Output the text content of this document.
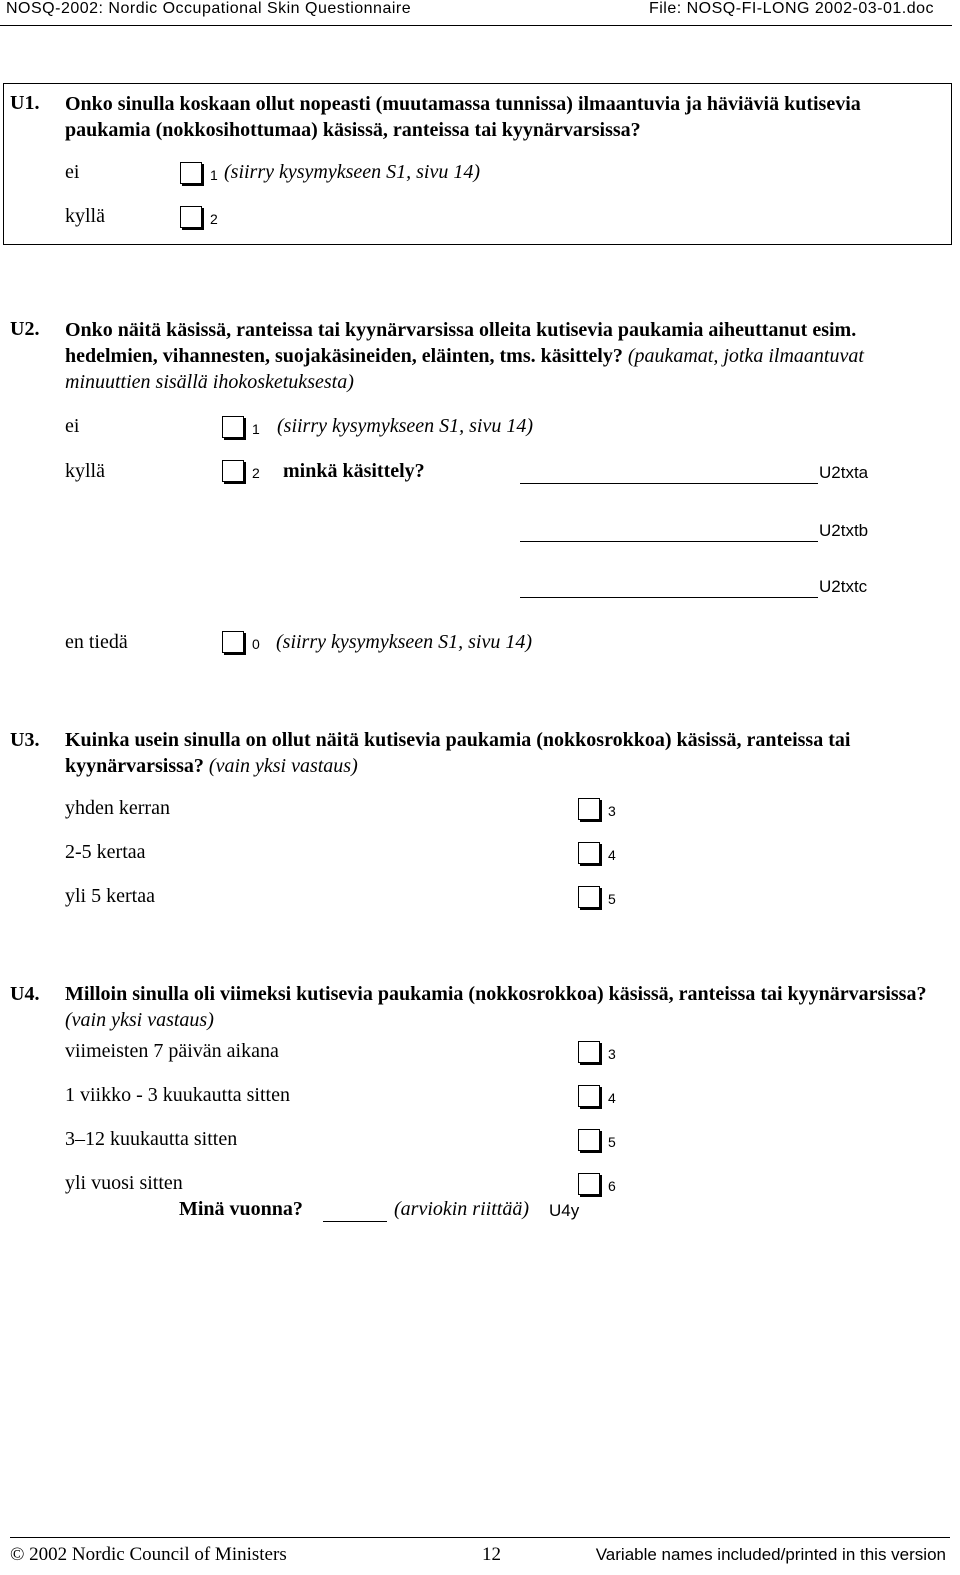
NOSQ-2002: Nordic Occupational Skin Questionnaire	File: NOSQ-FI-LONG 2002-03-01.doc
U1. Onko sinulla koskaan ollut nopeasti (muutamassa tunnissa) ilmaantuvia ja häviäviä kutisevia paukamia (nokkosihottumaa) käsissä, ranteissa tai kyynärvarsissa?
ei	1 (siirry kysymykseen S1, sivu 14)
kyllä	2
U2. Onko näitä käsissä, ranteissa tai kyynärvarsissa olleita kutisevia paukamia aiheuttanut esim. hedelmien, vihannesten, suojakäsineiden, eläinten, tms. käsittely? (paukamat, jotka ilmaantuvat minuuttien sisällä ihokosketuksesta)
ei	1 (siirry kysymykseen S1, sivu 14)
kyllä	2 minkä käsittely?	U2txta
U2txtb
U2txtc
en tiedä	0 (siirry kysymykseen S1, sivu 14)
U3. Kuinka usein sinulla on ollut näitä kutisevia paukamia (nokkosrokkoa) käsissä, ranteissa tai kyynärvarsissa? (vain yksi vastaus)
yhden kerran	3
2-5 kertaa	4
yli 5 kertaa	5
U4. Milloin sinulla oli viimeksi kutisevia paukamia (nokkosrokkoa) käsissä, ranteissa tai kyynärvarsissa? (vain yksi vastaus)
viimeisten 7 päivän aikana	3
1 viikko - 3 kuukautta sitten	4
3–12 kuukautta sitten	5
yli vuosi sitten	6
Minä vuonna?	(arviokin riittää) U4y
© 2002 Nordic Council of Ministers	12	Variable names included/printed in this version
